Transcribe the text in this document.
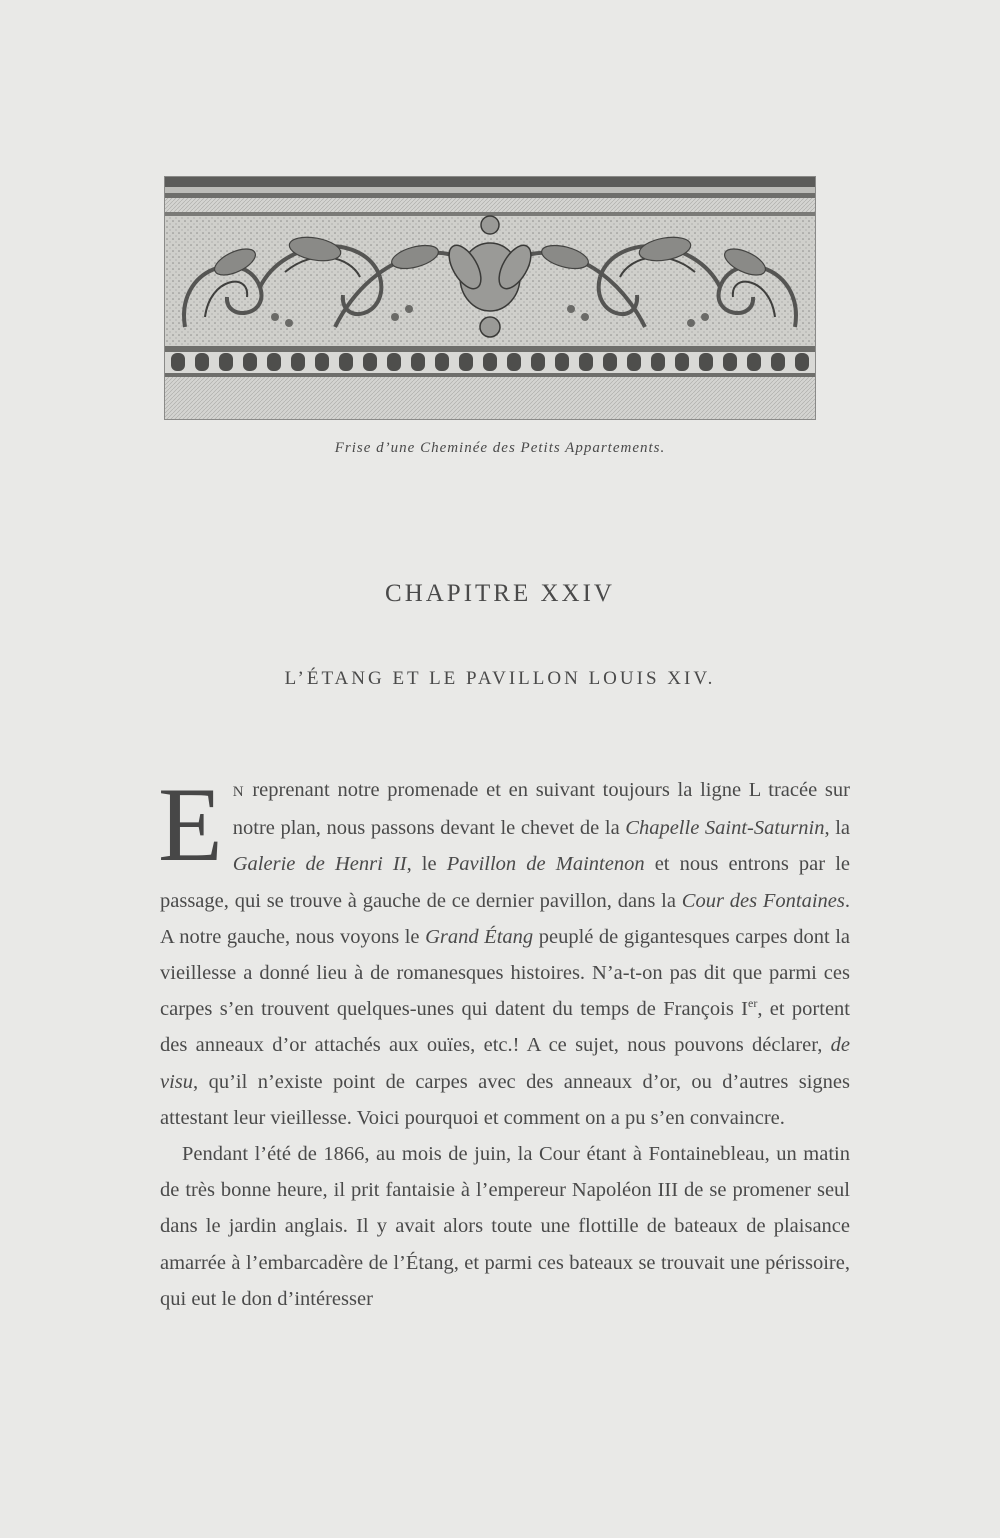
Frise d’une Cheminée des Petits Appartements.
CHAPITRE XXIV
L’ÉTANG ET LE PAVILLON LOUIS XIV.

E N reprenant notre promenade et en suivant toujours la ligne L tracée sur notre plan, nous passons devant le chevet de la Chapelle Saint-Saturnin, la Galerie de Henri II, le Pavillon de Maintenon et nous entrons par le passage, qui se trouve à gauche de ce dernier pavillon, dans la Cour des Fontaines. A notre gauche, nous voyons le Grand Étang peuplé de gigantesques carpes dont la vieillesse a donné lieu à de romanesques histoires. N’a-t-on pas dit que parmi ces carpes s’en trouvent quelques-unes qui datent du temps de François Ier, et portent des anneaux d’or attachés aux ouïes, etc.! A ce sujet, nous pouvons déclarer, de visu, qu’il n’existe point de carpes avec des anneaux d’or, ou d’autres signes attestant leur vieillesse. Voici pourquoi et comment on a pu s’en convaincre.

Pendant l’été de 1866, au mois de juin, la Cour étant à Fontainebleau, un matin de très bonne heure, il prit fantaisie à l’empereur Napoléon III de se promener seul dans le jardin anglais. Il y avait alors toute une flottille de bateaux de plaisance amarrée à l’embarcadère de l’Étang, et parmi ces bateaux se trouvait une périssoire, qui eut le don d’intéresser
